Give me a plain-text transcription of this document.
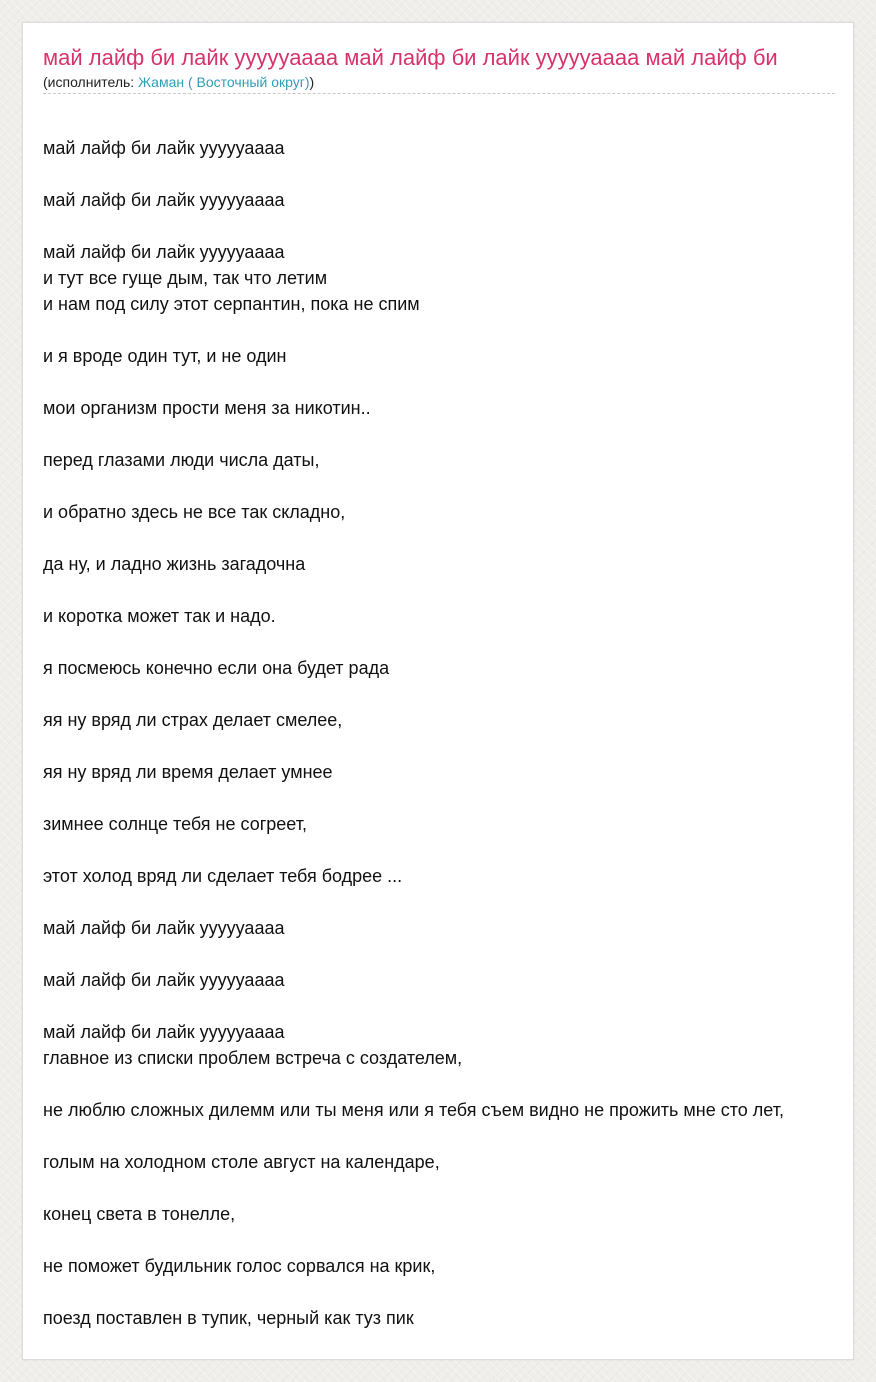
май лайф би лайк уууууаааа май лайф би лайк уууууаааа май лайф би
(исполнитель: Жаман ( Восточный округ))
май лайф би лайк уууууаааа
май лайф би лайк уууууаааа
май лайф би лайк уууууаааа
и тут все гуще дым, так что летим
и нам под силу этот серпантин, пока не спим
и я вроде один тут, и не один
мои организм прости меня за никотин..
перед глазами люди числа даты,
и обратно здесь не все так складно,
да ну, и ладно жизнь загадочна
и коротка может так и надо.
я посмеюсь конечно если она будет рада
яя ну вряд ли страх делает смелее,
яя ну вряд ли время делает умнее
зимнее солнце тебя не согреет,
этот холод вряд ли сделает тебя бодрее ...
май лайф би лайк уууууаааа
май лайф би лайк уууууаааа
май лайф би лайк уууууаааа
главное из списки проблем встреча с создателем,
не люблю сложных дилемм или ты меня или я тебя съем видно не прожить мне сто лет,
голым на холодном столе август на календаре,
конец света в тонелле,
не поможет будильник голос сорвался на крик,
поезд поставлен в тупик, черный как туз пик
